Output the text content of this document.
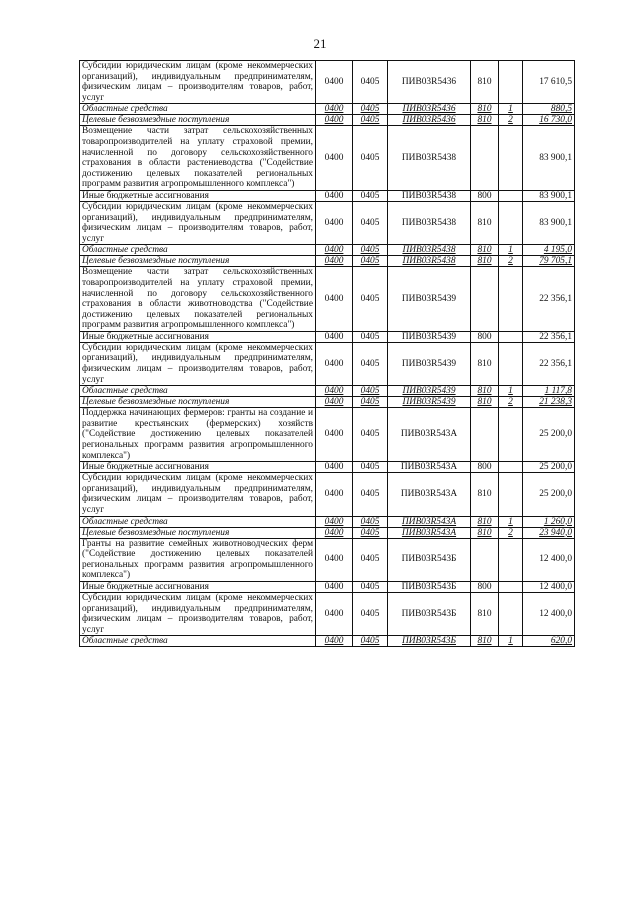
21
Субсидии юридическим лицам (кроме некоммерческих организаций), индивидуальным предпринимателям, физическим лицам – производителям товаров, работ, услуг	0400	0405	ПИВ03R5436	810		17 610,5
Областные средства	0400	0405	ПИВ03R5436	810	1	880,5
Целевые безвозмездные поступления	0400	0405	ПИВ03R5436	810	2	16 730,0
Возмещение части затрат сельскохозяйственных товаропроизводителей на уплату страховой премии, начисленной по договору сельскохозяйственного страхования в области растениеводства ("Содействие достижению целевых показателей региональных программ развития агропромышленного комплекса")	0400	0405	ПИВ03R5438			83 900,1
Иные бюджетные ассигнования	0400	0405	ПИВ03R5438	800		83 900,1
Субсидии юридическим лицам (кроме некоммерческих организаций), индивидуальным предпринимателям, физическим лицам – производителям товаров, работ, услуг	0400	0405	ПИВ03R5438	810		83 900,1
Областные средства	0400	0405	ПИВ03R5438	810	1	4 195,0
Целевые безвозмездные поступления	0400	0405	ПИВ03R5438	810	2	79 705,1
Возмещение части затрат сельскохозяйственных товаропроизводителей на уплату страховой премии, начисленной по договору сельскохозяйственного страхования в области животноводства ("Содействие достижению целевых показателей региональных программ развития агропромышленного комплекса")	0400	0405	ПИВ03R5439			22 356,1
Иные бюджетные ассигнования	0400	0405	ПИВ03R5439	800		22 356,1
Субсидии юридическим лицам (кроме некоммерческих организаций), индивидуальным предпринимателям, физическим лицам – производителям товаров, работ, услуг	0400	0405	ПИВ03R5439	810		22 356,1
Областные средства	0400	0405	ПИВ03R5439	810	1	1 117,8
Целевые безвозмездные поступления	0400	0405	ПИВ03R5439	810	2	21 238,3
Поддержка начинающих фермеров: гранты на создание и развитие крестьянских (фермерских) хозяйств ("Содействие достижению целевых показателей региональных программ развития агропромышленного комплекса")	0400	0405	ПИВ03R543А			25 200,0
Иные бюджетные ассигнования	0400	0405	ПИВ03R543А	800		25 200,0
Субсидии юридическим лицам (кроме некоммерческих организаций), индивидуальным предпринимателям, физическим лицам – производителям товаров, работ, услуг	0400	0405	ПИВ03R543А	810		25 200,0
Областные средства	0400	0405	ПИВ03R543А	810	1	1 260,0
Целевые безвозмездные поступления	0400	0405	ПИВ03R543А	810	2	23 940,0
Гранты на развитие семейных животноводческих ферм ("Содействие достижению целевых показателей региональных программ развития агропромышленного комплекса")	0400	0405	ПИВ03R543Б			12 400,0
Иные бюджетные ассигнования	0400	0405	ПИВ03R543Б	800		12 400,0
Субсидии юридическим лицам (кроме некоммерческих организаций), индивидуальным предпринимателям, физическим лицам – производителям товаров, работ, услуг	0400	0405	ПИВ03R543Б	810		12 400,0
Областные средства	0400	0405	ПИВ03R543Б	810	1	620,0
